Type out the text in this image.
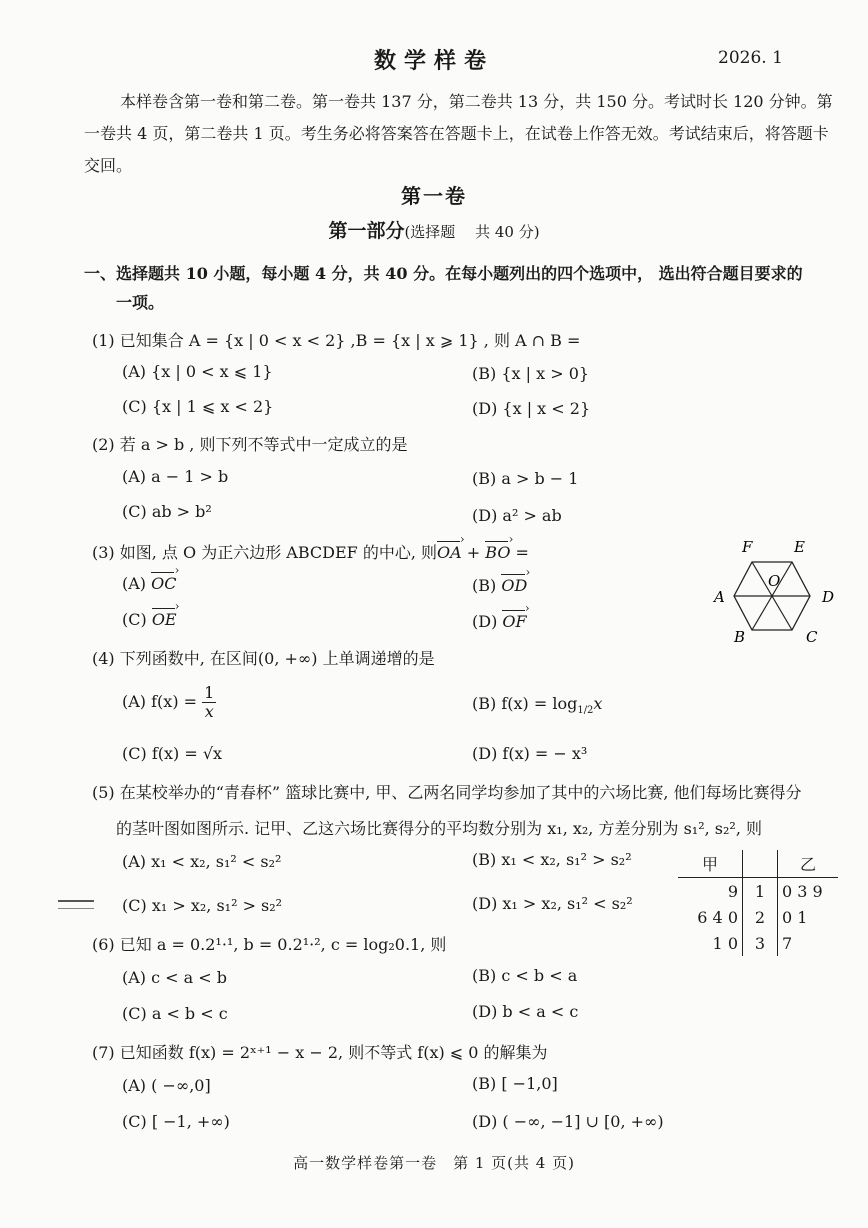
数学样卷	2026. 1
本样卷含第一卷和第二卷。第一卷共 137 分，第二卷共 13 分，共 150 分。考试时长 120 分钟。第一卷共 4 页，第二卷共 1 页。考生务必将答案答在答题卡上，在试卷上作答无效。考试结束后，将答题卡交回。
第一卷
第一部分(选择题　 共 40 分)
一、选择题共 10 小题，每小题 4 分，共 40 分。在每小题列出的四个选项中， 选出符合题目要求的
一项。
(1) 已知集合 A = {x | 0 < x < 2} ,B = {x | x ⩾ 1} , 则 A ∩ B =
(A) {x | 0 < x ⩽ 1}	(B) {x | x > 0}
(C) {x | 1 ⩽ x < 2}	(D) {x | x < 2}
(2) 若 a > b , 则下列不等式中一定成立的是
(A) a − 1 > b	(B) a > b − 1
(C) ab > b²	(D) a² > ab
(3) 如图, 点 O 为正六边形 ABCDEF 的中心, 则OA › + BO › =
(A) OC ›	(B) OD ›
(C) OE ›	(D) OF ›
F	E
O
A	D
B	C
(4) 下列函数中, 在区间(0, +∞) 上单调递增的是
(A) $f(x) = \frac{1}{x}$	(B) $f(x) = \log_{1/2}x$
(C) f(x) = √x	(D) f(x) = − x³
(5) 在某校举办的“青春杯” 篮球比赛中, 甲、乙两名同学均参加了其中的六场比赛, 他们每场比赛得分
的茎叶图如图所示. 记甲、乙这六场比赛得分的平均数分别为 x₁, x₂, 方差分别为 s₁², s₂², 则
(A) x₁ < x₂, s₁² < s₂²	(B) x₁ < x₂, s₁² > s₂²
(C) x₁ > x₂, s₁² > s₂²	(D) x₁ > x₂, s₁² < s₂²
甲		乙
9	1	0 3 9
6 4 0	2	0 1
1 0	3	7
(6) 已知 a = 0.2¹·¹, b = 0.2¹·², c = log₂0.1, 则
(A) c < a < b	(B) c < b < a
(C) a < b < c	(D) b < a < c
(7) 已知函数 f(x) = 2ˣ⁺¹ − x − 2, 则不等式 f(x) ⩽ 0 的解集为
(A) ( −∞,0]	(B) [ −1,0]
(C) [ −1, +∞)	(D) ( −∞, −1] ∪ [0, +∞)
高一数学样卷第一卷　第 1 页(共 4 页)
